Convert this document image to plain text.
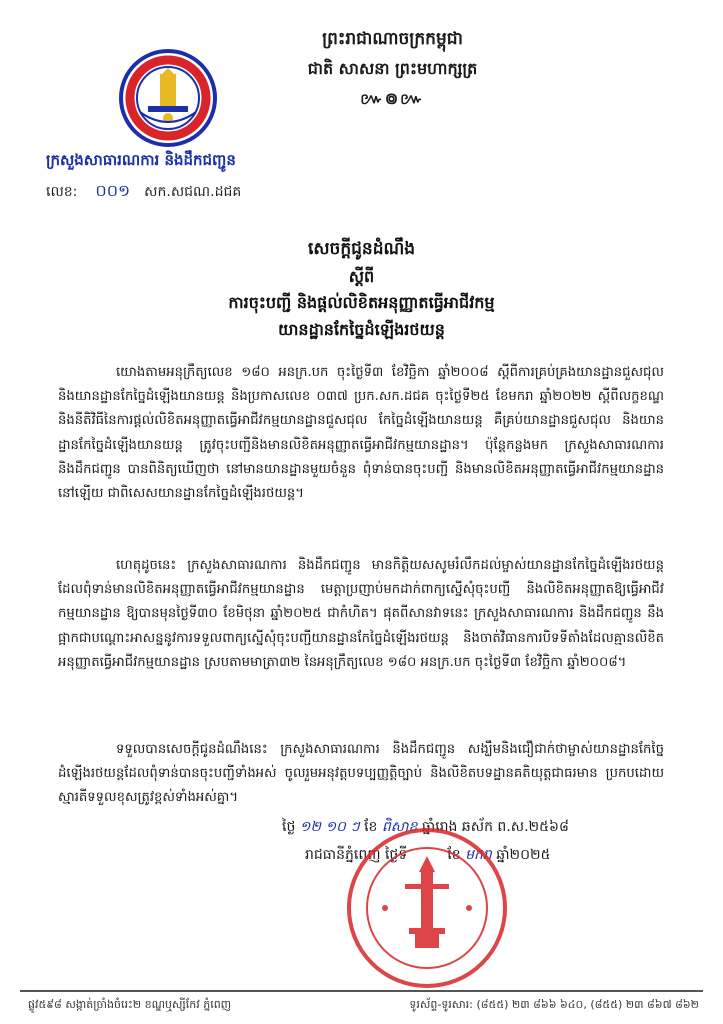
ព្រះរាជាណាចក្រកម្ពុជា
ជាតិ សាសនា ព្រះមហាក្សត្រ
៚៙៚
ក្រសួងសាធារណការ និងដឹកជញ្ជូន
លេខ: ០០១ សក.សជណ.ដជគ
សេចក្ដីជូនដំណឹង
ស្ដីពី
ការចុះបញ្ជី និងផ្ដល់លិខិតអនុញ្ញាតធ្វើអាជីវកម្ម
យានដ្ឋានកែច្នៃដំឡើងរថយន្ត
យោងតាមអនុក្រឹត្យលេខ ១៨០ អនក្រ.បក ចុះថ្ងៃទី៣ ខែវិច្ឆិកា ឆ្នាំ២០០៨ ស្ដីពីការគ្រប់គ្រងយានដ្ឋានជួសជុល និងយានដ្ឋានកែច្នៃដំឡើងយានយន្ត និងប្រកាសលេខ ០៣៧ ប្រក.សក.ដជគ ចុះថ្ងៃទី២៥ ខែមករា ឆ្នាំ២០២២ ស្ដីពីលក្ខខណ្ឌនិងនីតិវិធីនៃការផ្ដល់លិខិតអនុញ្ញាតធ្វើអាជីវកម្មយានដ្ឋានជួសជុល កែច្នៃដំឡើងយានយន្ត គឺគ្រប់យានដ្ឋានជួសជុល និងយានដ្ឋានកែច្នៃដំឡើងយានយន្ត ត្រូវចុះបញ្ជីនិងមានលិខិតអនុញ្ញាតធ្វើអាជីវកម្មយានដ្ឋាន។ ប៉ុន្តែកន្លងមក ក្រសួងសាធារណការ និងដឹកជញ្ជូន បានពិនិត្យឃើញថា នៅមានយានដ្ឋានមួយចំនួន ពុំទាន់បានចុះបញ្ជី និងមានលិខិតអនុញ្ញាតធ្វើអាជីវកម្មយានដ្ឋាននៅឡើយ ជាពិសេសយានដ្ឋានកែច្នៃដំឡើងរថយន្ត។
ហេតុដូចនេះ ក្រសួងសាធារណការ និងដឹកជញ្ជូន មានកិត្តិយសសូមរំលឹកដល់ម្ចាស់យានដ្ឋានកែច្នៃដំឡើងរថយន្ត ដែលពុំទាន់មានលិខិតអនុញ្ញាតធ្វើអាជីវកម្មយានដ្ឋាន មេត្តាប្រញាប់មកដាក់ពាក្យស្នើសុំចុះបញ្ជី និងលិខិតអនុញ្ញាតឱ្យធ្វើអាជីវកម្មយានដ្ឋាន ឱ្យបានមុនថ្ងៃទី៣០ ខែមិថុនា ឆ្នាំ២០២៥ ជាកំហិត។ ផុតពីសានវាទនេះ ក្រសួងសាធារណការ និងដឹកជញ្ជូន នឹងផ្អាកជាបណ្ដោះអាសន្ននូវការទទួលពាក្យស្នើសុំចុះបញ្ជីយានដ្ឋានកែច្នៃដំឡើងរថយន្ត និងចាត់វិធានការបិទទីតាំងដែលគ្មានលិខិតអនុញ្ញាតធ្វើអាជីវកម្មយានដ្ឋាន ស្របតាមមាត្រា៣២ នៃអនុក្រឹត្យលេខ ១៨០ អនក្រ.បក ចុះថ្ងៃទី៣ ខែវិច្ឆិកា ឆ្នាំ២០០៨។
ទទួលបានសេចក្ដីជូនដំណឹងនេះ ក្រសួងសាធារណការ និងដឹកជញ្ជូន សង្ឃឹមនិងជឿជាក់ថាម្ចាស់យានដ្ឋានកែច្នៃដំឡើងរថយន្តដែលពុំទាន់បានចុះបញ្ជីទាំងអស់ ចូលរួមអនុវត្តបទប្បញ្ញត្តិច្បាប់ និងលិខិតបទដ្ឋានគតិយុត្តជាធរមាន ប្រកបដោយស្មារតីទទួលខុសត្រូវខ្ពស់ទាំងអស់គ្នា។
ថ្ងៃ ១២ ១០ ៗ ខែ ពិសាខ ឆ្នាំរោង ឆស័ក ព.ស.២៥៦៨
រាជធានីភ្នំពេញ ថ្ងៃទី	ខែ មករា ឆ្នាំ២០២៥
ផ្លូវ៥៩៨ សង្កាត់ច្រាំងចំរេះ២ ខណ្ឌឬស្សីកែវ ភ្នំពេញ	ទូរស័ព្ទ-ទូរសារ: (៨៥៥) ២៣ ៨៦៦ ៦៤០, (៨៥៥) ២៣ ៨៦៧ ៨៦២
